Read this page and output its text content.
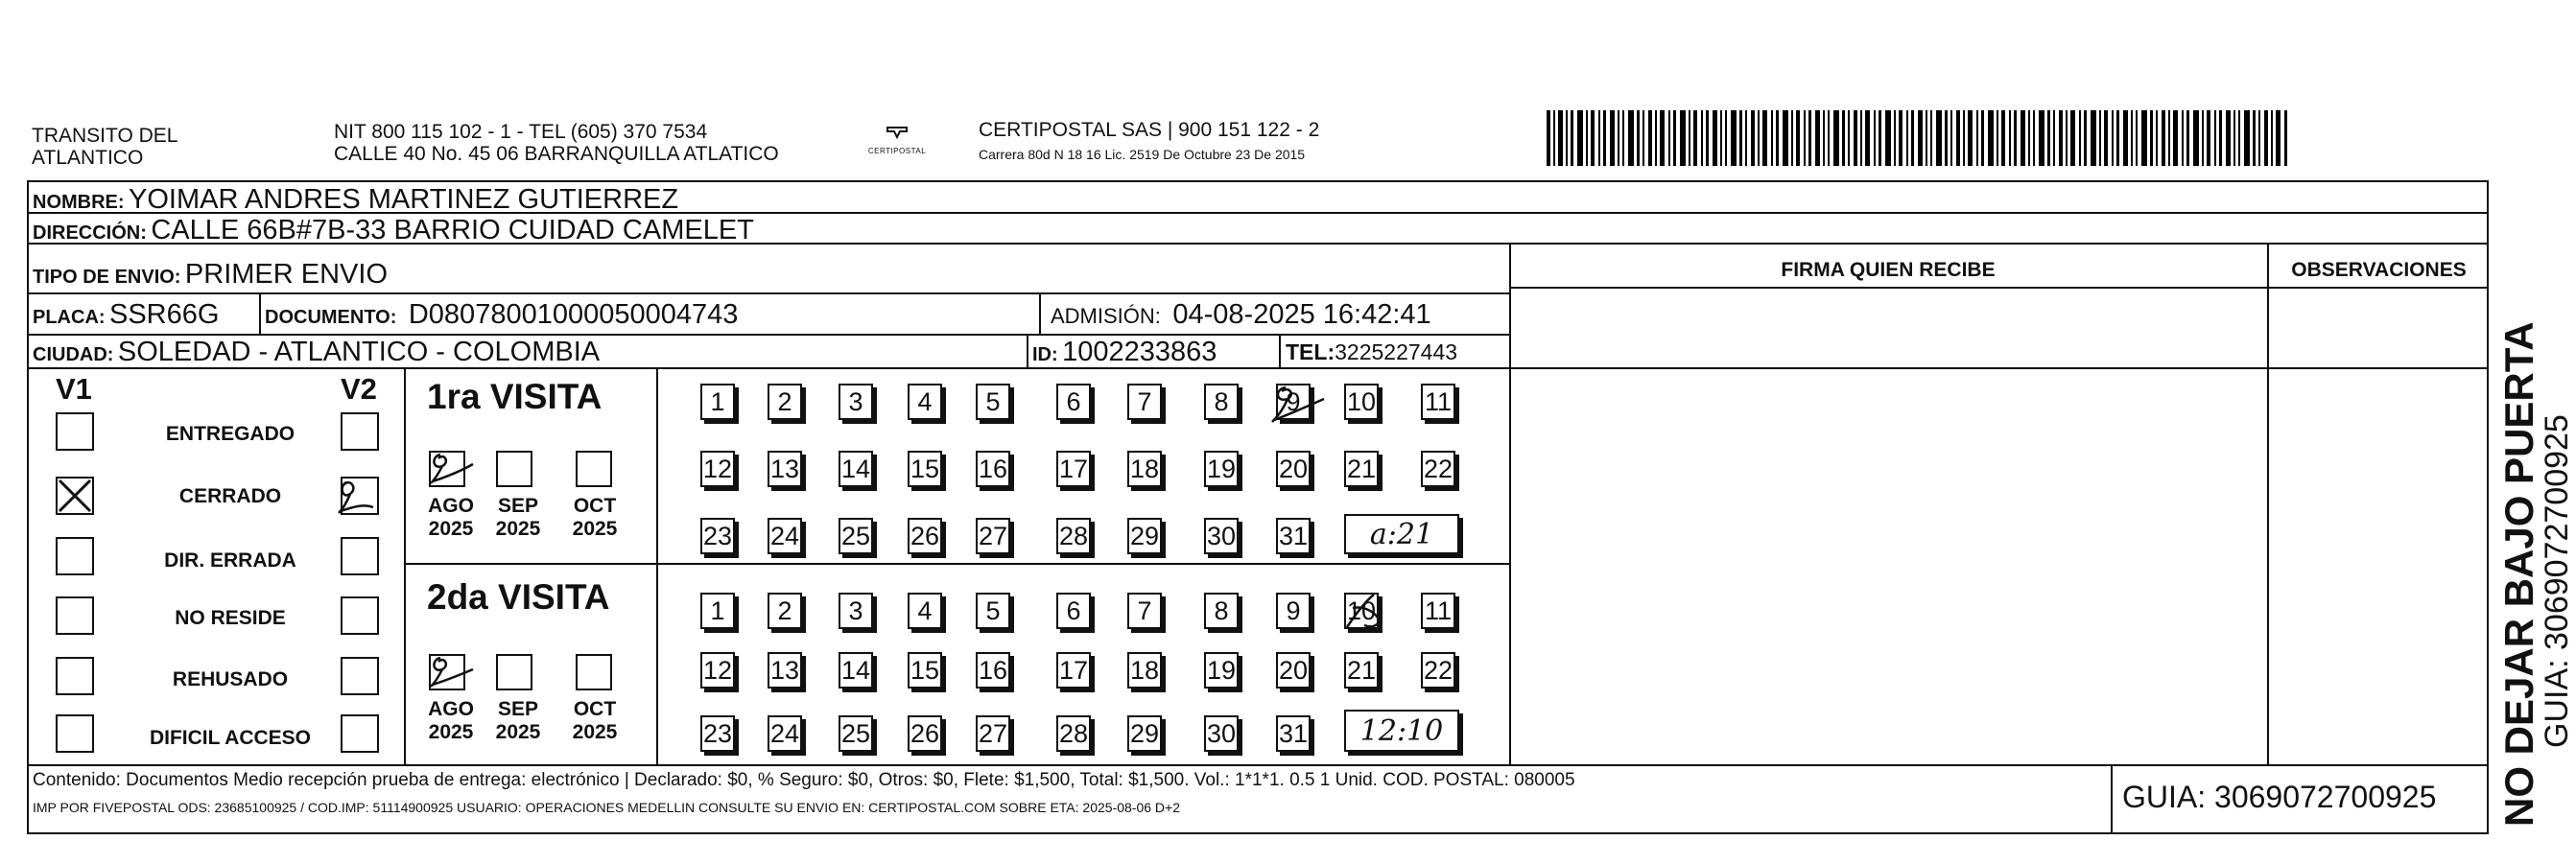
TRANSITO DEL
ATLANTICO
NIT 800 115 102 - 1 - TEL (605) 370 7534
CALLE 40 No. 45 06 BARRANQUILLA ATLATICO	CERTIPOSTAL
CERTIPOSTAL SAS | 900 151 122 - 2
Carrera 80d N 18 16 Lic. 2519 De Octubre 23 De 2015
NOMBRE: YOIMAR ANDRES MARTINEZ GUTIERREZ
DIRECCIÓN: CALLE 66B#7B-33 BARRIO CUIDAD CAMELET
TIPO DE ENVIO: PRIMER ENVIO
PLACA: SSR66G DOCUMENTO: D08078001000050004743	ADMISIÓN: 04-08-2025 16:42:41
CIUDAD: SOLEDAD - ATLANTICO - COLOMBIA	ID: 1002233863	TEL:3225227443
FIRMA QUIEN RECIBE	OBSERVACIONES
V1	V2
ENTREGADO
CERRADO
DIR. ERRADA
NO RESIDE
REHUSADO
DIFICIL ACCESO
1ra VISITA
AGO
2025
SEP
2025
OCT
2025
2da VISITA
AGO
2025
SEP
2025
OCT
2025
1	2	3	4	5	6	7	8	9	10 11
12 13 14 15 16 17 18 19 20 21 22
23 24 25 26 27 28 29 30 31	a:21
1	2	3	4	5	6	7	8	9	10 11
12 13 14 15 16 17 18 19 20 21 22
23 24 25 26 27 28 29 30 31	12:10
Contenido: Documentos Medio recepción prueba de entrega: electrónico | Declarado: $0, % Seguro: $0, Otros: $0, Flete: $1,500, Total: $1,500. Vol.: 1*1*1. 0.5 1 Unid. COD. POSTAL: 080005
IMP POR FIVEPOSTAL ODS: 23685100925 / COD.IMP: 51114900925 USUARIO: OPERACIONES MEDELLIN CONSULTE SU ENVIO EN: CERTIPOSTAL.COM SOBRE ETA: 2025-08-06 D+2	GUIA: 3069072700925 NO DEJAR BAJO PUERTA
GUIA: 3069072700925
